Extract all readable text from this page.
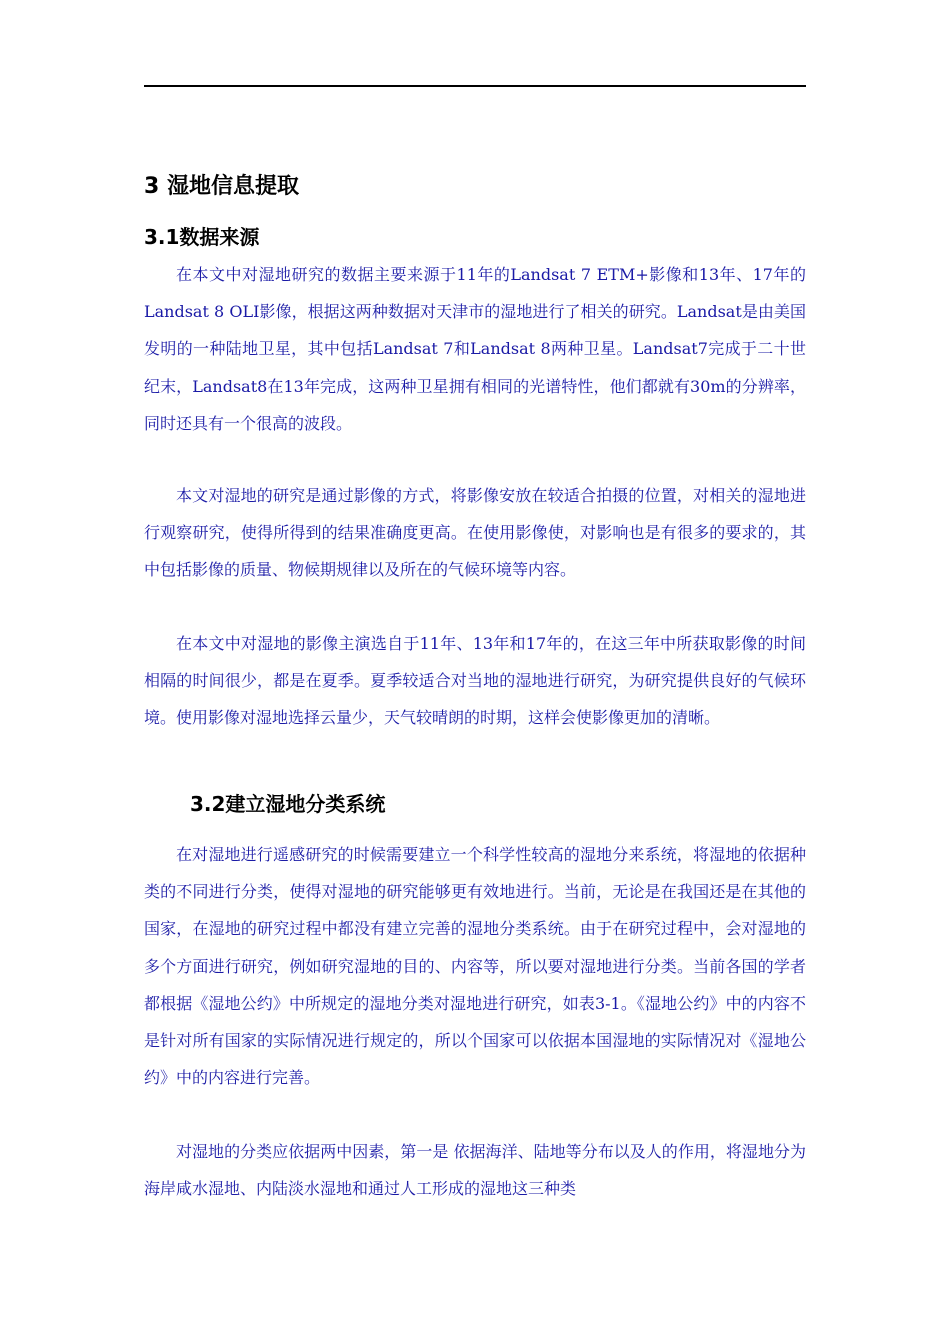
3 湿地信息提取
3.1数据来源

在本文中对湿地研究的数据主要来源于11年的Landsat 7 ETM+影像和13年、17年的Landsat 8 OLI影像，根据这两种数据对天津市的湿地进行了相关的研究。Landsat是由美国发明的一种陆地卫星，其中包括Landsat 7和Landsat 8两种卫星。Landsat7完成于二十世纪末，Landsat8在13年完成，这两种卫星拥有相同的光谱特性，他们都就有30m的分辨率，同时还具有一个很高的波段。

本文对湿地的研究是通过影像的方式，将影像安放在较适合拍摄的位置，对相关的湿地进行观察研究，使得所得到的结果准确度更高。在使用影像使，对影响也是有很多的要求的，其中包括影像的质量、物候期规律以及所在的气候环境等内容。

在本文中对湿地的影像主演选自于11年、13年和17年的，在这三年中所获取影像的时间相隔的时间很少，都是在夏季。夏季较适合对当地的湿地进行研究，为研究提供良好的气候环境。使用影像对湿地选择云量少，天气较晴朗的时期，这样会使影像更加的清晰。

3.2建立湿地分类系统

在对湿地进行遥感研究的时候需要建立一个科学性较高的湿地分来系统，将湿地的依据种类的不同进行分类，使得对湿地的研究能够更有效地进行。当前，无论是在我国还是在其他的国家，在湿地的研究过程中都没有建立完善的湿地分类系统。由于在研究过程中，会对湿地的多个方面进行研究，例如研究湿地的目的、内容等，所以要对湿地进行分类。当前各国的学者都根据《湿地公约》中所规定的湿地分类对湿地进行研究，如表3-1。《湿地公约》中的内容不是针对所有国家的实际情况进行规定的，所以个国家可以依据本国湿地的实际情况对《湿地公约》中的内容进行完善。

对湿地的分类应依据两中因素，第一是 依据海洋、陆地等分布以及人的作用，将湿地分为海岸咸水湿地、内陆淡水湿地和通过人工形成的湿地这三种类
